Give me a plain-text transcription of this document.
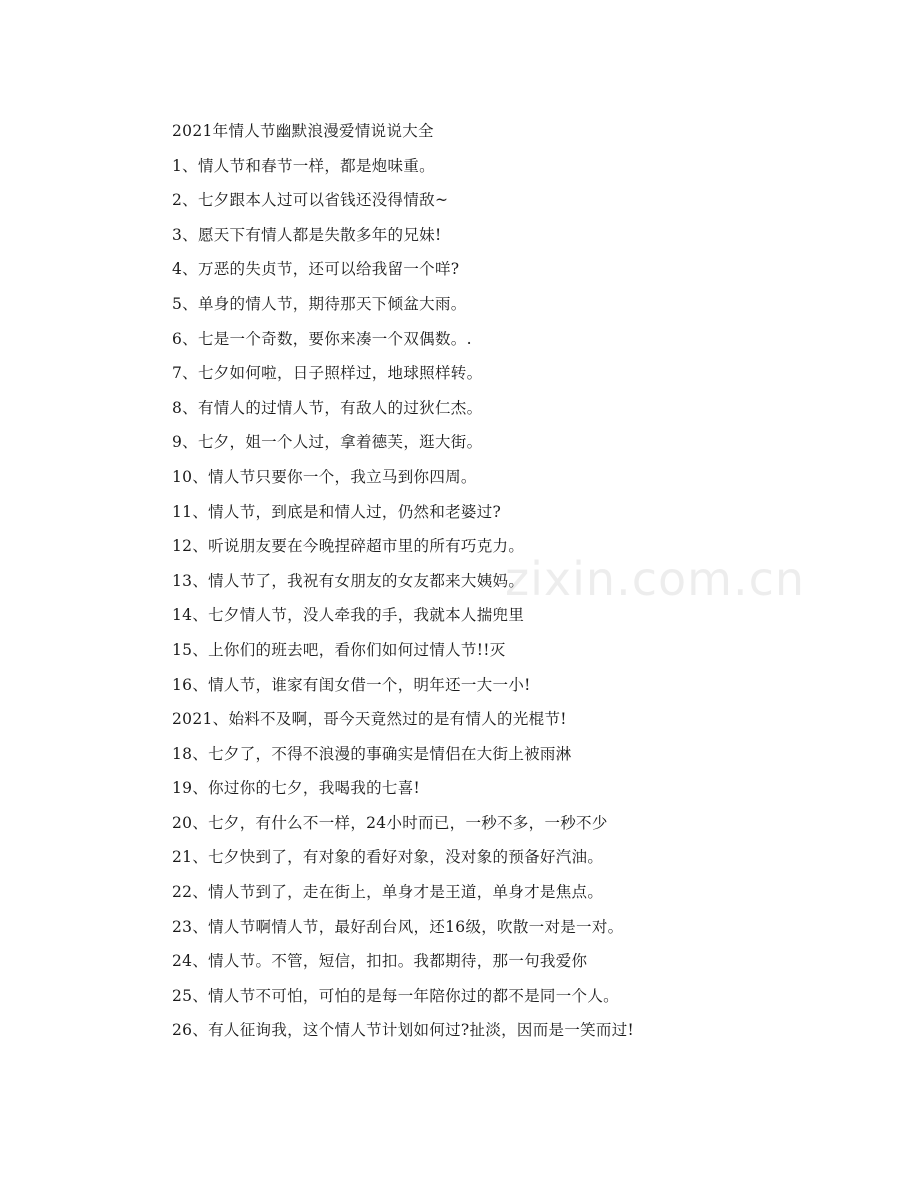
2021年情人节幽默浪漫爱情说说大全
1、情人节和春节一样，都是炮味重。
2、七夕跟本人过可以省钱还没得情敌~
3、愿天下有情人都是失散多年的兄妹!
4、万恶的失贞节，还可以给我留一个咩?
5、单身的情人节，期待那天下倾盆大雨。
6、七是一个奇数，要你来凑一个双偶数。.
7、七夕如何啦，日子照样过，地球照样转。
8、有情人的过情人节，有敌人的过狄仁杰。
9、七夕，姐一个人过，拿着德芙，逛大街。
10、情人节只要你一个，我立马到你四周。
11、情人节，到底是和情人过，仍然和老婆过?
12、听说朋友要在今晚捏碎超市里的所有巧克力。
13、情人节了，我祝有女朋友的女友都来大姨妈。
14、七夕情人节，没人牵我的手，我就本人揣兜里
15、上你们的班去吧，看你们如何过情人节!!灭
16、情人节，谁家有闺女借一个，明年还一大一小!
2021、始料不及啊，哥今天竟然过的是有情人的光棍节!
18、七夕了，不得不浪漫的事确实是情侣在大街上被雨淋
19、你过你的七夕，我喝我的七喜!
20、七夕，有什么不一样，24小时而已，一秒不多，一秒不少
21、七夕快到了，有对象的看好对象，没对象的预备好汽油。
22、情人节到了，走在街上，单身才是王道，单身才是焦点。
23、情人节啊情人节，最好刮台风，还16级，吹散一对是一对。
24、情人节。不管，短信，扣扣。我都期待，那一句我爱你
25、情人节不可怕，可怕的是每一年陪你过的都不是同一个人。
26、有人征询我，这个情人节计划如何过?扯淡，因而是一笑而过!
zixin.com.cn
